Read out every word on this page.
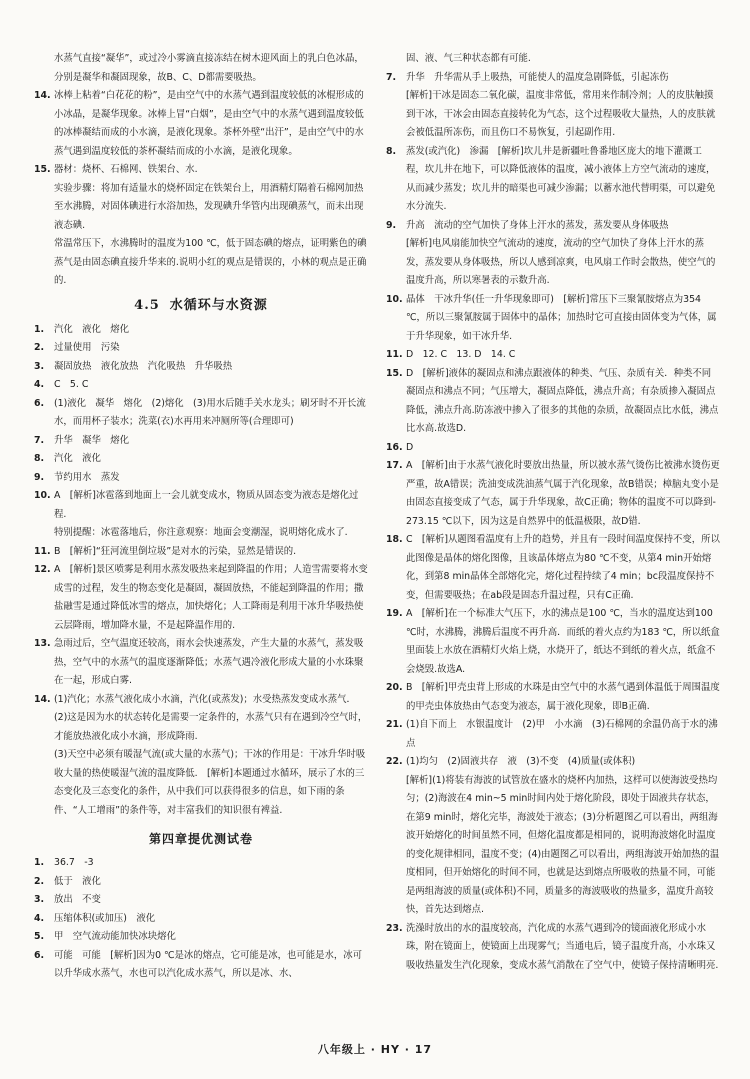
水蒸气直接“凝华”，或过冷小雾滴直接冻结在树木迎风面上的乳白色冰晶，分别是凝华和凝固现象，故B、C、D都需要吸热。
14. 冰棒上粘着“白花花的粉”，是由空气中的水蒸气遇到温度较低的冰棍形成的小冰晶，是凝华现象。冰棒上冒“白烟”，是由空气中的水蒸气遇到温度较低的冰棒凝结而成的小水滴，是液化现象。茶杯外壁“出汗”，是由空气中的水蒸气遇到温度较低的茶杯凝结而成的小水滴，是液化现象。
15. 器材：烧杯、石棉网、铁架台、水.
实验步骤：将加有适量水的烧杯固定在铁架台上，用酒精灯隔着石棉网加热至水沸腾，对固体碘进行水浴加热，发现碘升华管内出现碘蒸气，而未出现液态碘.
常温常压下，水沸腾时的温度为100 ℃，低于固态碘的熔点，证明紫色的碘蒸气是由固态碘直接升华来的.说明小红的观点是错误的，小林的观点是正确的.
4.5 水循环与水资源
1.	汽化　液化　熔化
2.	过量使用　污染
3.	凝固放热　液化放热　汽化吸热　升华吸热
4.	C　5. C
6.	(1)液化　凝华　熔化　(2)熔化　(3)用水后随手关水龙头；刷牙时不开长流水，而用杯子装水；洗菜(衣)水再用来冲厕所等(合理即可)
7.	升华　凝华　熔化
8.	汽化　液化
9.	节约用水　蒸发
10. A　[解析]冰雹落到地面上一会儿就变成水，物质从固态变为液态是熔化过程.
特别提醒：冰雹落地后，你注意观察：地面会变潮湿，说明熔化成水了.
11. B　[解析]“狂河流里倒垃圾”是对水的污染，显然是错误的.
12. A　[解析]景区喷雾是利用水蒸发吸热来起到降温的作用；人造雪需要将水变成雪的过程，发生的物态变化是凝固，凝固放热，不能起到降温的作用；撒盐融雪是通过降低冰雪的熔点，加快熔化；人工降雨是利用干冰升华吸热使云层降雨，增加降水量，不是起降温作用的.
13. 急雨过后，空气温度还较高，雨水会快速蒸发，产生大量的水蒸气，蒸发吸热，空气中的水蒸气的温度逐渐降低；水蒸气遇冷液化形成大量的小水珠聚在一起，形成白雾.
14. (1)汽化；水蒸气液化成小水滴，汽化(或蒸发)；水受热蒸发变成水蒸气．(2)这是因为水的状态转化是需要一定条件的，水蒸气只有在遇到冷空气时，才能放热液化成小水滴，形成降雨.
(3)天空中必须有暖湿气流(或大量的水蒸气)；干冰的作用是：干冰升华时吸收大量的热使暖湿气流的温度降低.　[解析]本题通过水循环，展示了水的三态变化及三态变化的条件，从中我们可以获得很多的信息，如下雨的条件、“人工增雨”的条件等，对丰富我们的知识很有裨益.
第四章提优测试卷
1.	36.7　-3
2.	低于　液化
3.	放出　不变
4.	压缩体积(或加压)　液化
5.	甲　空气流动能加快冰块熔化
6.	可能　可能　[解析]因为0 ℃是冰的熔点，它可能是冰，也可能是水，冰可以升华成水蒸气，水也可以汽化成水蒸气，所以是冰、水、
固、液、气三种状态都有可能.
7.	升华　升华需从手上吸热，可能使人的温度急剧降低，引起冻伤
[解析]干冰是固态二氧化碳，温度非常低，常用来作制冷剂；人的皮肤触摸到干冰，干冰会由固态直接转化为气态，这个过程吸收大量热，人的皮肤就会被低温所冻伤，而且伤口不易恢复，引起副作用.
8.	蒸发(或汽化)　渗漏　[解析]坎儿井是新疆吐鲁番地区庞大的地下灌溉工程，坎儿井在地下，可以降低液体的温度，减小液体上方空气流动的速度，从而减少蒸发；坎儿井的暗渠也可减少渗漏；以蓄水池代替明渠，可以避免水分流失.
9.	升高　流动的空气加快了身体上汗水的蒸发，蒸发要从身体吸热
[解析]电风扇能加快空气流动的速度，流动的空气加快了身体上汗水的蒸发，蒸发要从身体吸热，所以人感到凉爽，电风扇工作时会散热，使空气的温度升高，所以寒暑表的示数升高.
10. 晶体　干冰升华(任一升华现象即可)　[解析]常压下三聚氰胺熔点为354 ℃，所以三聚氰胺属于固体中的晶体；加热时它可直接由固体变为气体，属于升华现象，如干冰升华.
11. D　12. C　13. D　14. C
15. D　[解析]液体的凝固点和沸点跟液体的种类、气压、杂质有关．种类不同凝固点和沸点不同；气压增大，凝固点降低，沸点升高；有杂质掺入凝固点降低，沸点升高.防冻液中掺入了很多的其他的杂质，故凝固点比水低，沸点比水高.故选D.
16. D
17. A　[解析]由于水蒸气液化时要放出热量，所以被水蒸气烫伤比被沸水烫伤更严重，故A错误；洗油变成洗油蒸气属于汽化现象，故B错误；樟脑丸变小是由固态直接变成了气态，属于升华现象，故C正确；物体的温度不可以降到-273.15 ℃以下，因为这是自然界中的低温极限，故D错.
18. C　[解析]从题图看温度有上升的趋势，并且有一段时间温度保持不变，所以此图像是晶体的熔化图像，且该晶体熔点为80 ℃不变，从第4 min开始熔化，到第8 min晶体全部熔化完，熔化过程持续了4 min；bc段温度保持不变，但需要吸热；在ab段是固态升温过程，只有C正确.
19. A　[解析]在一个标准大气压下，水的沸点是100 ℃，当水的温度达到100 ℃时，水沸腾，沸腾后温度不再升高．而纸的着火点约为183 ℃，所以纸盒里面装上水放在酒精灯火焰上烧，水烧开了，纸达不到纸的着火点，纸盒不会烧毁.故选A.
20. B　[解析]甲壳虫背上形成的水珠是由空气中的水蒸气遇到体温低于周围温度的甲壳虫体放热由气态变为液态，属于液化现象，即B正确.
21. (1)自下而上　水银温度计　(2)甲　小水滴　(3)石棉网的余温仍高于水的沸点
22. (1)均匀　(2)固液共存　液　(3)不变　(4)质量(或体积)
[解析](1)将装有海波的试管放在盛水的烧杯内加热，这样可以使海波受热均匀；(2)海波在4 min~5 min时间内处于熔化阶段，即处于固液共存状态，在第9 min时，熔化完毕，海波处于液态；(3)分析题图乙可以看出，两组海波开始熔化的时间虽然不同，但熔化温度都是相同的，说明海波熔化时温度的变化规律相同，温度不变；(4)由题图乙可以看出，两组海波开始加热的温度相同，但开始熔化的时间不同，也就是达到熔点所吸收的热量不同，可能是两组海波的质量(或体积)不同，质量多的海波吸收的热量多，温度升高较快，首先达到熔点.
23. 洗澡时放出的水的温度较高，汽化成的水蒸气遇到冷的镜面液化形成小水珠，附在镜面上，使镜面上出现雾气；当通电后，镜子温度升高，小水珠又吸收热量发生汽化现象，变成水蒸气消散在了空气中，使镜子保持清晰明亮.
八年级上 · HY · 17
